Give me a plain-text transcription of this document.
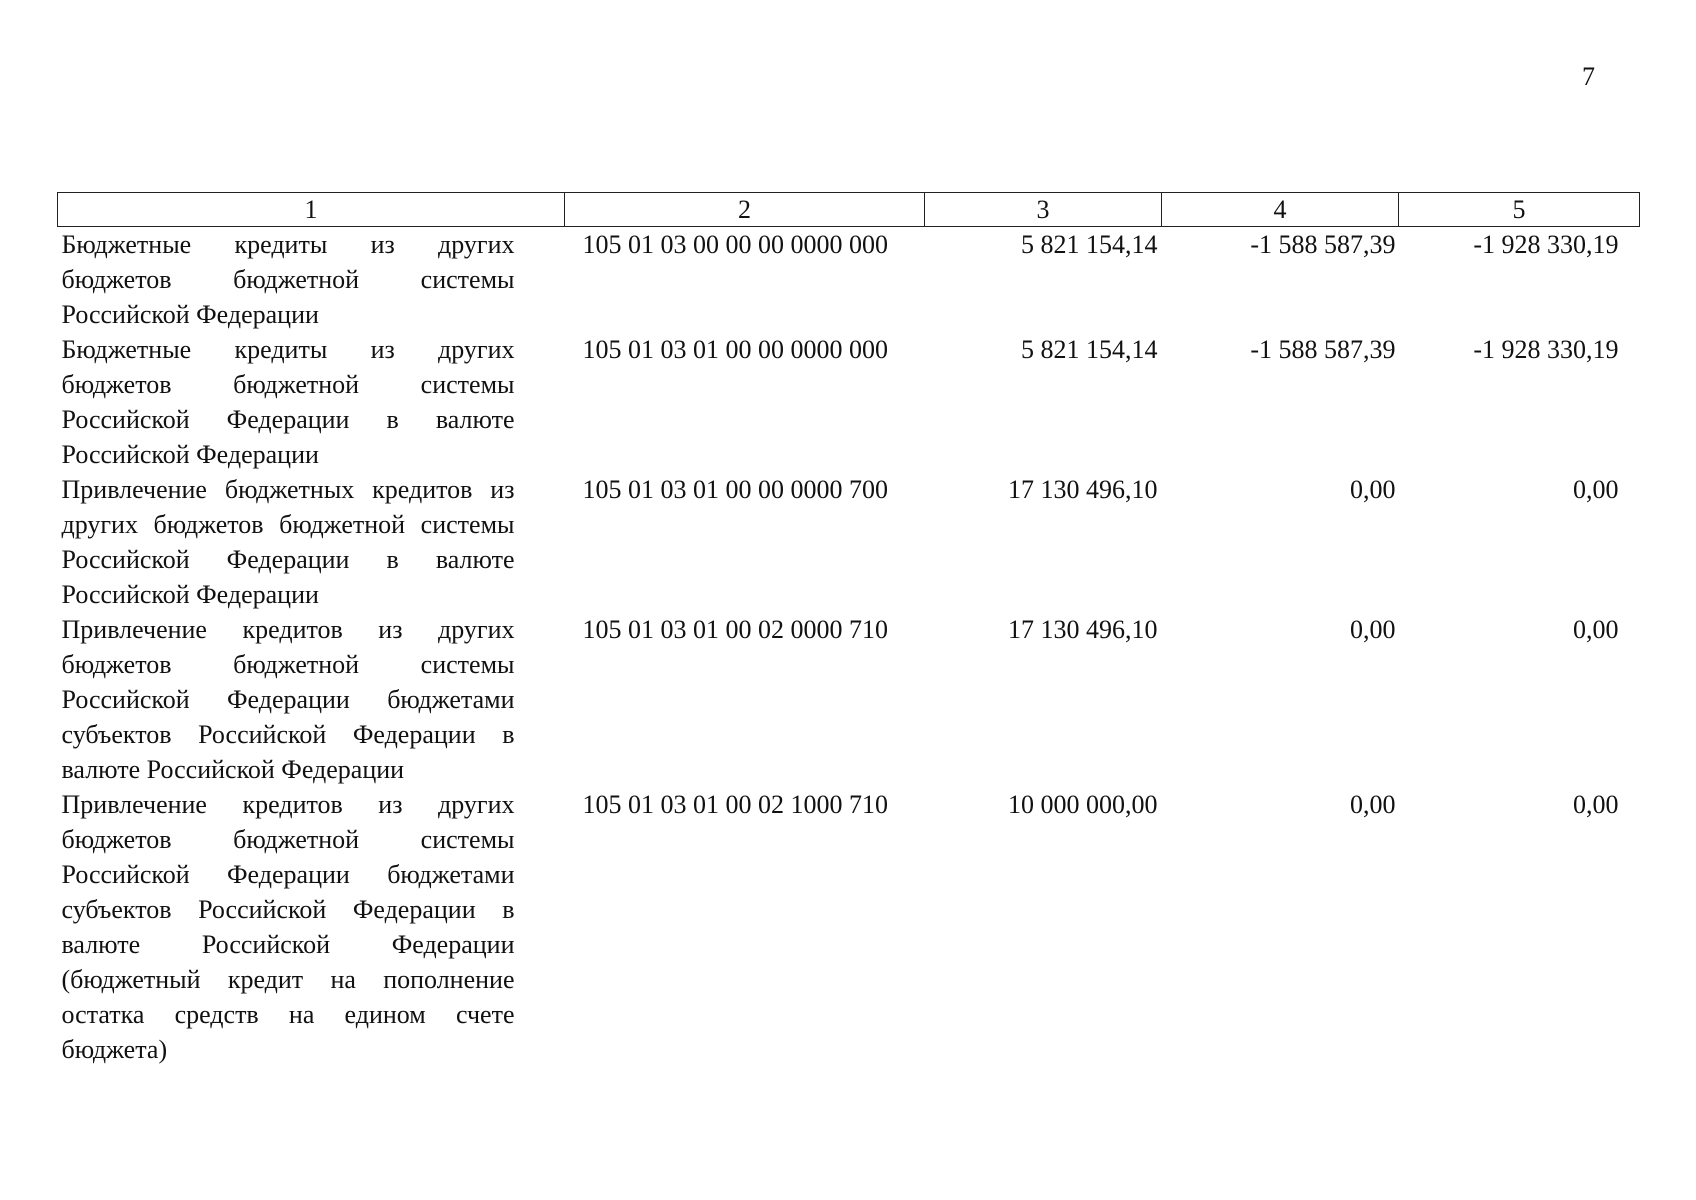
7
1	2	3	4	5
Бюджетные кредиты из других бюджетов бюджетной системы Российской Федерации	105 01 03 00 00 00 0000 000	5 821 154,14	-1 588 587,39	-1 928 330,19
Бюджетные кредиты из других бюджетов бюджетной системы Российской Федерации в валюте Российской Федерации	105 01 03 01 00 00 0000 000	5 821 154,14	-1 588 587,39	-1 928 330,19
Привлечение бюджетных кредитов из других бюджетов бюджетной системы Российской Федерации в валюте Российской Федерации	105 01 03 01 00 00 0000 700	17 130 496,10	0,00	0,00
Привлечение кредитов из других бюджетов бюджетной системы Российской Федерации бюджетами субъектов Российской Федерации в валюте Российской Федерации	105 01 03 01 00 02 0000 710	17 130 496,10	0,00	0,00
Привлечение кредитов из других бюджетов бюджетной системы Российской Федерации бюджетами субъектов Российской Федерации в валюте Российской Федерации (бюджетный кредит на пополнение остатка средств на едином счете бюджета)	105 01 03 01 00 02 1000 710	10 000 000,00	0,00	0,00
